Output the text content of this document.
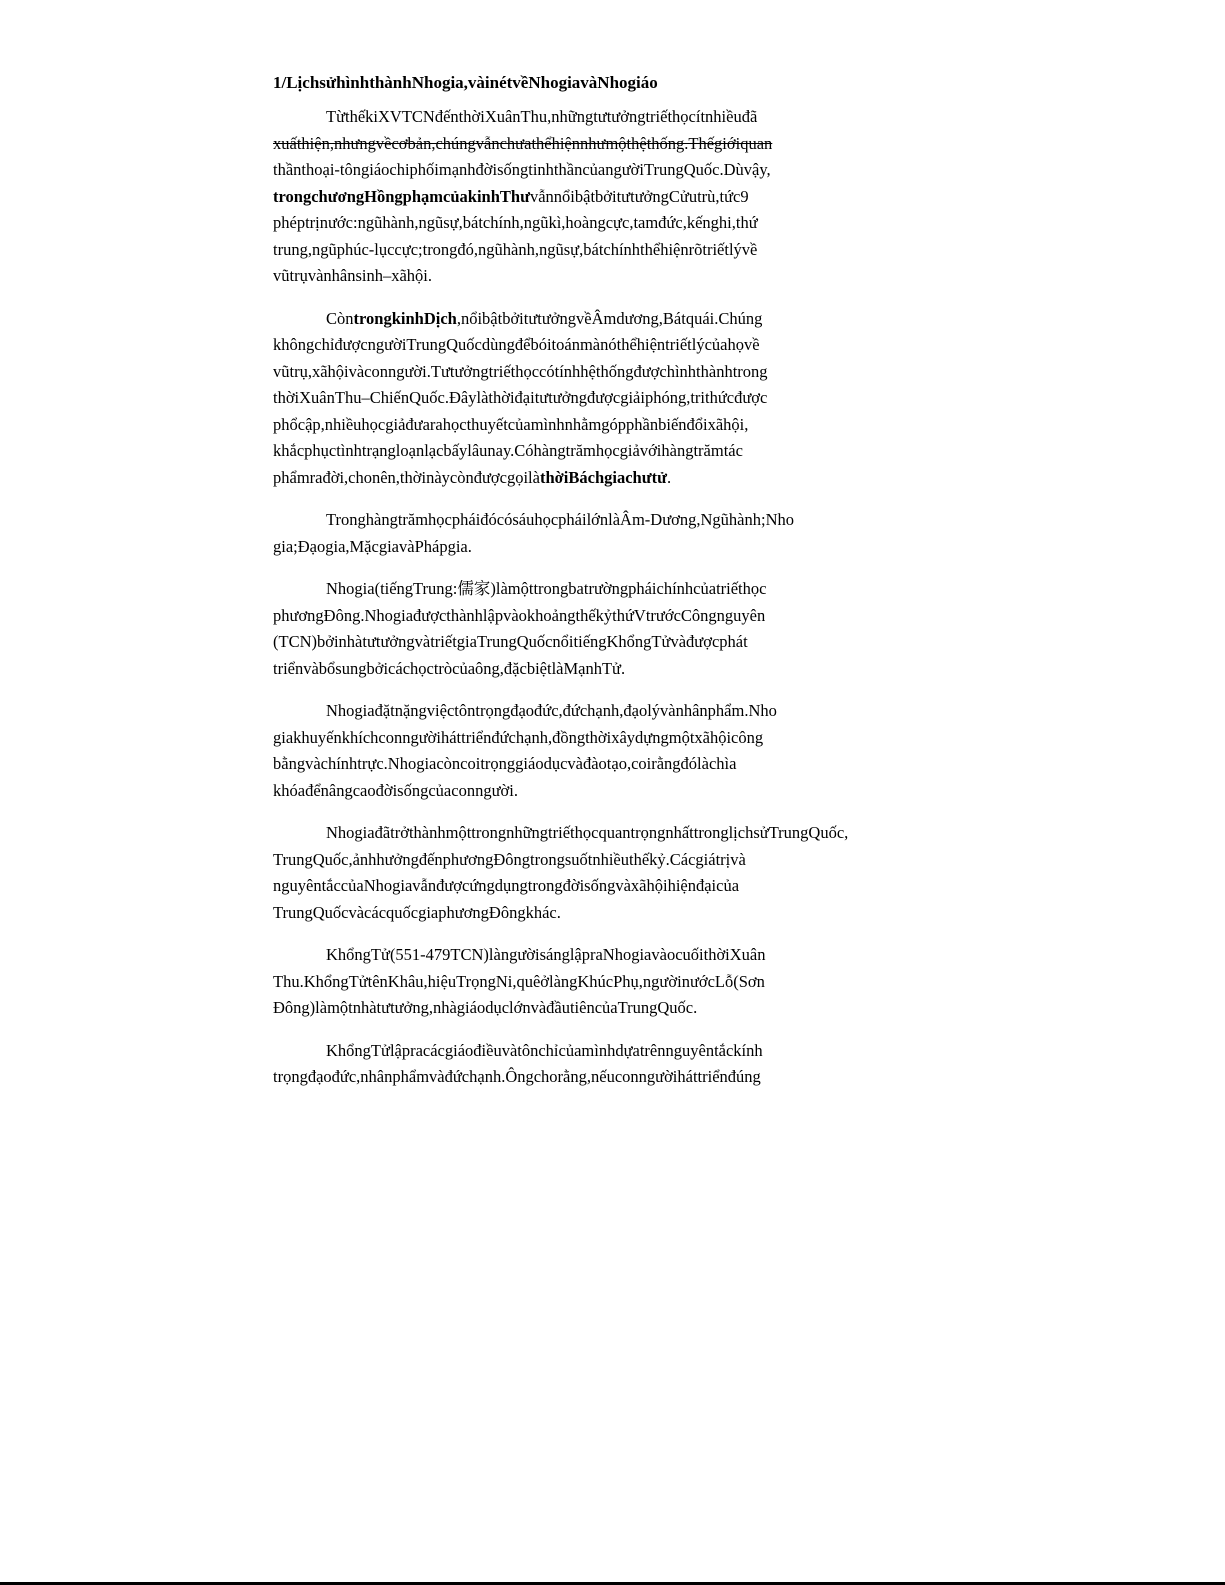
1/LịchsửhìnhthànhNhogia,vàinétvềNhogiavàNhogiáo
TừthếkiXVTCNđếnthờiXuânThu,nhữngtưtưởngtriếthọcítnhiềuđã
xuấthiện,nhưngvềcơbản,chúngvẫnchưathểhiệnnhưmộthệthống.Thếgiớiquan
thầnthoại-tôngiáochiphốimạnhđờisốngtinhthầncủangườiTrungQuốc.Dùvậy,
trongchươngHồngphạmcủakinhThưvẫnnổibậtbởitưtưởngCửutrù,tức9
phéptrịnước:ngũhành,ngũsự,bátchính,ngũkì,hoàngcực,tamđức,kếnghi,thứ
trung,ngũphúc-lụccực;trongđó,ngũhành,ngũsự,bátchínhthểhiệnrõtriếtlývề
vũtrụvànhânsinh–xãhội.
CòntrongkinhDịch,nổibậtbởitưtưởngvềÂmdương,Bátquái.Chúng
khôngchỉđượcngườiTrungQuốcdùngđểbóitoánmànóthểhiệntriếtlýcủahọvề
vũtrụ,xãhộivàconngười.Tưtưởngtriếthọccótínhhệthốngđượchìnhthànhtrong
thờiXuânThu–ChiếnQuốc.Đâylàthờiđạitưtưởngđượcgiảiphóng,trithứcđược
phổcập,nhiềuhọcgiảđưarahọcthuyếtcủamìnhnhằmgópphầnbiếnđổixãhội,
khắcphụctìnhtrạngloạnlạcbấylâunay.Cóhàngtrămhọcgiảvớihàngtrămtác
phẩmrađời,chonên,thờinàycònđượcgọilàthờiBáchgiachưtử.
TronghàngtrămhọcpháiđócósáuhọcpháilớnlàÂm-Dương,Ngũhành;Nho
gia;Đạogia,MặcgiavàPhápgia.
Nhogia(tiếngTrung:儒家)làmộttrongbatrườngpháichínhcủatriếthọc
phươngĐông.NhogiađượcthànhlậpvàokhoảngthếkỷthứVtrướcCôngnguyên
(TCN)bởinhàtưtưởngvàtriếtgiaTrungQuốcnổitiếngKhổngTửvàđượcphát
triểnvàbổsungbởicáchọctròcủaông,đặcbiệtlàMạnhTử.
Nhogiađặtnặngviệctôntrọngđạođức,đứchạnh,đạolývànhânphẩm.Nho
giakhuyếnkhíchconngườiháttriểnđứchạnh,đồngthờixâydựngmộtxãhộicông
bằngvàchínhtrực.Nhogiacòncoitrọnggiáodụcvàđàotạo,coirằngđólàchìa
khóađểnângcaođờisốngcủaconngười.
NhogiađãtrởthànhmộttrongnhữngtriếthọcquantrọngnhấttronglịchsửTrungQuốc,
TrungQuốc,ảnhhưởngđếnphươngĐôngtrongsuốtnhiềuthếkỷ.Cácgiátrịvà
nguyêntắccủaNhogiavẫnđượcứngdụngtrongđờisốngvàxãhộihiệnđạicủa
TrungQuốcvàcácquốcgiaphươngĐôngkhác.
KhổngTử(551-479TCN)làngườisánglậpraNhogiavàocuốithờiXuân
Thu.KhổngTửtênKhâu,hiệuTrọngNi,quêởlàngKhúcPhụ,ngườinướcLỗ(Sơn
Đông)làmộtnhàtưtưởng,nhàgiáodụclớnvàđầutiêncủaTrungQuốc.
KhổngTửlậpracácgiáođiềuvàtônchỉcủamìnhdựatrênnguyêntắckính
trọngđạođức,nhânphẩmvàđứchạnh.Ôngchorằng,nếuconngườiháttriểnđúng
